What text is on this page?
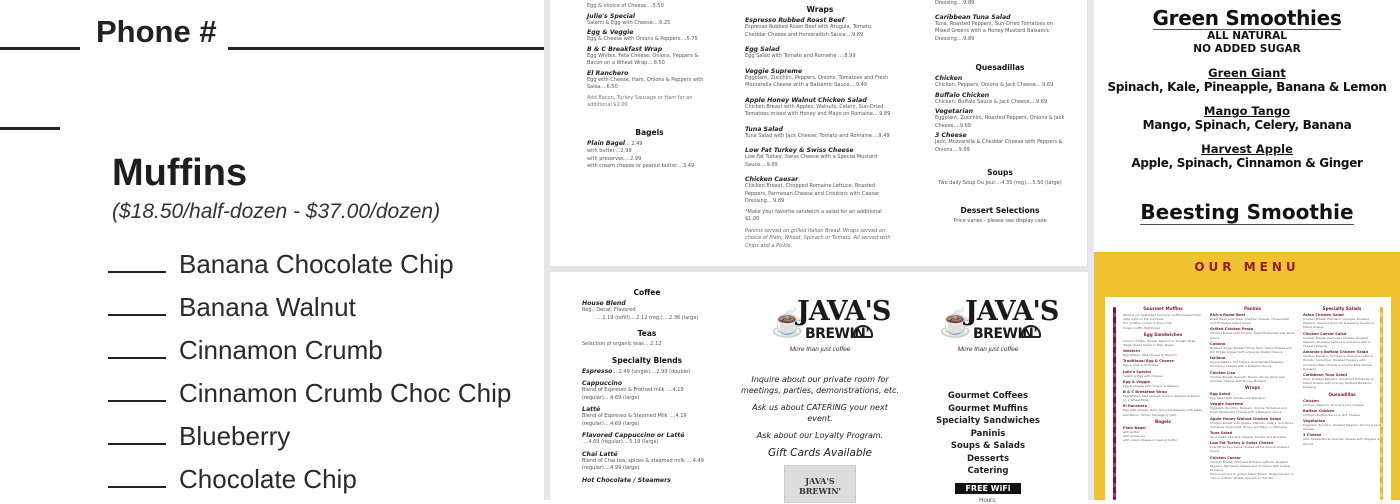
Phone #
Muffins
($18.50/half-dozen - $37.00/dozen)
Banana Chocolate Chip
Banana Walnut
Cinnamon Crumb
Cinnamon Crumb Choc Chip
Blueberry
Chocolate Chip
Egg & choice of Cheese....5.50
Julie's Special
Salami & Egg with Cheese....6.25
Egg & Veggie
Egg & Cheese with Onions & Peppers....5.75
B & C Breakfast Wrap
Egg Whites, Feta Cheese, Onions, Peppers & Bacon on a Wheat Wrap....6.50
El Ranchero
Egg with Cheese, Ham, Onions & Peppers with Salsa....6.50
Add Bacon, Turkey Sausage or Ham for an additional $2.00
Bagels
Plain Bagel....2.49
with butter....2.99
with preserves....2.99
with cream cheese or peanut butter....3.49
Wraps
Espresso Rubbed Roast Beef
Espresso Rubbed Roast Beef with Arugula, Tomato, Cheddar Cheese and Horseradish Sauce....9.89
Egg Salad
Egg Salad with Tomato and Romaine ....8.99
Veggie Supreme
Eggplant, Zucchini, Peppers, Onions, Tomatoes and Fresh Mozzarella Cheese with a Balsamic Sauce....9.49
Apple Honey Walnut Chicken Salad
Chicken Breast with Apples, Walnuts, Celery, Sun-Dried Tomatoes mixed with Honey and Mayo on Romaine....9.89
Tuna Salad
Tuna Salad with Jack Cheese, Tomato and Romaine....9.49
Low Fat Turkey & Swiss Cheese
Low Fat Turkey, Swiss Cheese with a Special Mustard Sauce....9.89
Chicken Caesar
Chicken Breast, Chopped Romaine Lettuce, Roasted Peppers, Parmesan Cheese and Croutons with Caesar Dressing....9.89
*Make your favorite sandwich a salad for an additional $1.00
Paninis served on grilled Italian Bread. Wraps served on choice of Plain, Wheat, Spinach or Tomato. All served with Chips and a Pickle.
Dressing....9.89
Caribbean Tuna Salad
Tuna, Roasted Peppers, Sun-Dried Tomatoes on Mixed Greens with a Honey Mustard Balsamic Dressing....9.89
Quesadillas
Chicken
Chicken, Peppers, Onions & Jack Cheese....9.69
Buffalo Chicken
Chicken, Buffalo Sauce & Jack Cheese....9.69
Vegetarian
Eggplant, Zucchini, Roasted Peppers, Onions & Jack Cheese....9.69
3 Cheese
Jack, Mozzarella & Cheddar Cheese with Peppers & Onions....9.69
Soups
Two daily Soup Du Jour....4.35 (reg)....5.50 (large)
Dessert Selections
Price varies - please see display case
Coffee
House Blend
Reg., Decaf, Flavored
....1.19 (refill)....2.12 (reg.)....2.36 (large)
Teas
Selection of organic teas....2.12
Specialty Blends
Espresso....2.49 (single)....2.99 (double)
Cappuccino
Blend of Espresso & Frothed milk ....4.19 (regular)....4.69 (large)
Latté
Blend of Espresso & Steamed Milk ....4.19 (regular)....4.69 (large)
Flavored Cappuccino or Latté
....4.69 (regular)....5.19 (large)
Chai Latté
Blend of Chai tea, spices & steamed milk ....4.49 (regular)....4.99 (large)
Hot Chocolate / Steamers
☕
JAVA'S
BREWIN'
More than just coffee
Inquire about our private room for meetings, parties, demonstrations, etc.
Ask us about CATERING your next event.
Ask about our Loyalty Program.
Gift Cards Available
JAVA'S BREWIN'
☕
JAVA'S
BREWIN'
More than just coffee
Gourmet Coffees
Gourmet Muffins
Specialty Sandwiches
Paninis
Soups & Salads
Desserts
Catering
FREE WiFi
Hours:
Green Smoothies
ALL NATURAL
NO ADDED SUGAR
Green Giant
Spinach, Kale, Pineapple, Banana & Lemon
Mango Tango
Mango, Spinach, Celery, Banana
Harvest Apple
Apple, Spinach, Cinnamon & Ginger
Beesting Smoothie
OUR MENU
Gourmet Muffins
What is our specialty? Gourmet muffins baked fresh daily right on the premises
Our muffins contain 0 Trans Fats
Single muffin Half-Dozen
Egg Sandwiches
Choice of Plain, Wheat, Spinach or Tomato Wrap, Italian Panini bread or Plain Bagel
Western
Egg Whites, Feta Cheese & Spinach
Traditional Egg & Cheese
Egg & choice of Cheese
Julie's Special
Salami & Egg with Cheese
Egg & Veggie
Egg & Cheese with Onions & Peppers
B & C Breakfast Wrap
Egg Whites, Feta Cheese, Onions, Peppers & Bacon on a Wheat Wrap
El Ranchero
Egg with Cheese, Ham, Onions & Peppers with Salsa
Add Bacon, Turkey Sausage or Ham
Bagels
Plain Bagel
with butter
with preserves
with cream cheese or peanut butter
Paninis
Rich's Roast Beef
Roast Beef, Cole Slaw, Cheddar Cheese, Horseradish and Thousand Island Sauce
Grilled Chicken Pesto
Chicken Breast with Tomato, Fresh Mozzarella with Pesto Sauce
Cubano
Roasted Turkey Breast, Honey Ham, Swiss Cheese and Dill Pickles topped with a Special Mustard Sauce
Italiano
Genoa Salami, Hot Capers, Roasted Red Peppers, Provolone Cheese with a Balsamic Sauce
Chicken Lisa
Chicken Breast, Spinach, Bacon, Sliced Apple and Cheddar Cheese with Honey Mustard
Wraps
Egg Salad
Egg Salad with Tomato and Romaine
Veggie Supreme
Eggplant, Zucchini, Peppers, Onions, Tomatoes and Fresh Mozzarella Cheese with a Balsamic Sauce
Apple Honey Walnut Chicken Salad
Chicken Breast with Apples, Walnuts, Celery, Sun-Dried Tomatoes mixed with Honey and Mayo on Romaine
Tuna Salad
Tuna Salad with Jack Cheese, Tomato and Romaine
Low Fat Turkey & Swiss Cheese
Low Fat Turkey, Swiss Cheese with a Special Mustard Sauce
Chicken Caesar
Chicken Breast, Chopped Romaine Lettuce, Roasted Peppers, Parmesan Cheese and Croutons with Caesar Dressing
Paninis served on grilled Italian Bread. Wraps served on choice of Plain, Wheat, Spinach or Tomato.
Specialty Salads
Asian Chicken Salad
Chicken Breast, Mandarin Oranges, Roasted Peppers, Slivered Almonds & Sesame Seeds on Mixed Greens
Chicken Caesar Salad
Chicken Breast, Parmesan Cheese, Roasted Peppers, Romaine Lettuce & Croutons with a Caesar Dressing
Amanda's Buffalo Chicken Salad
Chicken Breast in Hot Sauce, Romaine Lettuce, Tomato, Cucumber, Roasted Peppers with Crumbled Bleu Cheese & Chunky Blue Cheese Dressing
Caribbean Tuna Salad
Tuna, Roasted Peppers, Sun-Dried Tomatoes on Mixed Greens with a Honey Mustard Balsamic Dressing
Quesadillas
Chicken
Chicken, Peppers, Onions & Jack Cheese
Buffalo Chicken
Chicken, Buffalo Sauce & Jack Cheese
Vegetarian
Eggplant, Zucchini, Roasted Peppers, Onions & Jack Cheese
3 Cheese
Jack, Mozzarella & Cheddar Cheese with Peppers & Onions
